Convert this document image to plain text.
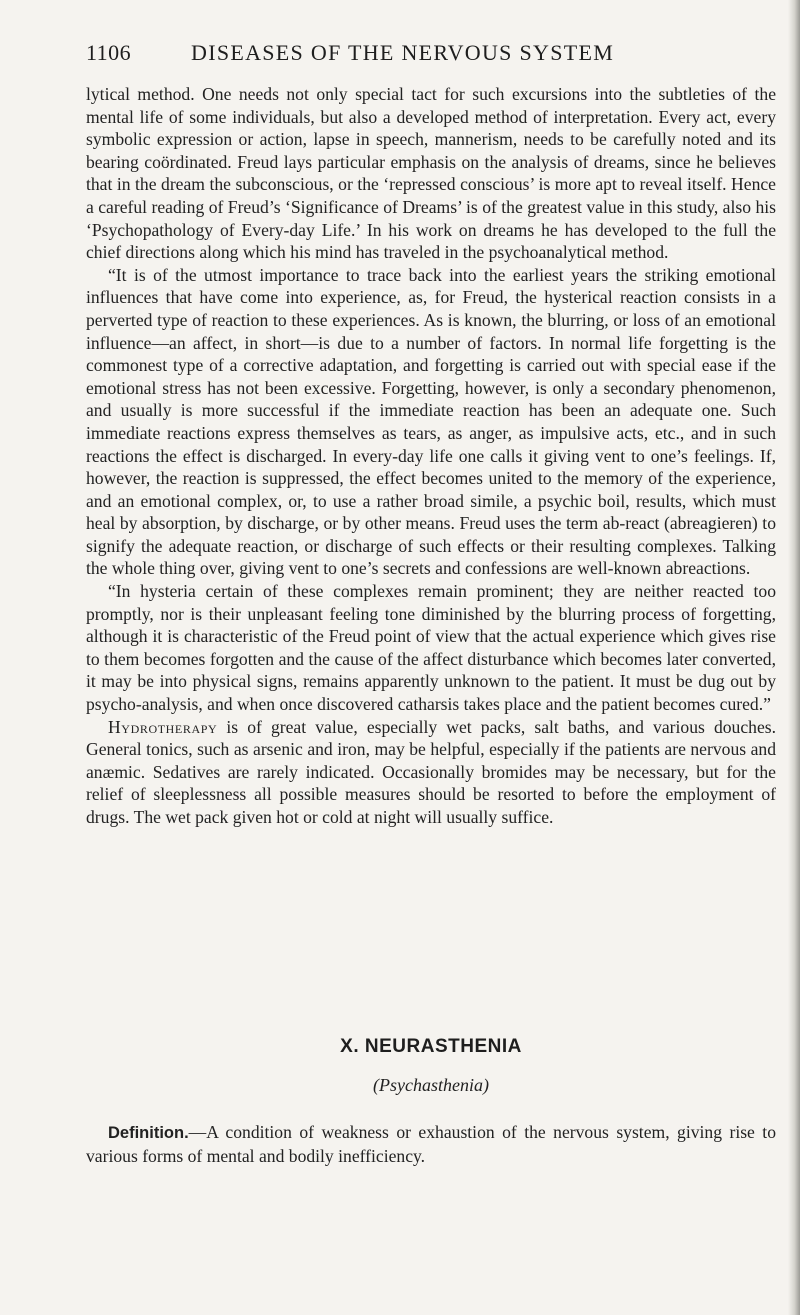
1106	DISEASES OF THE NERVOUS SYSTEM

lytical method. One needs not only special tact for such excursions into the subtleties of the mental life of some individuals, but also a developed method of interpretation. Every act, every symbolic expression or action, lapse in speech, mannerism, needs to be carefully noted and its bearing coördinated. Freud lays particular emphasis on the analysis of dreams, since he believes that in the dream the subconscious, or the ‘repressed conscious’ is more apt to reveal itself. Hence a careful reading of Freud’s ‘Significance of Dreams’ is of the greatest value in this study, also his ‘Psychopathology of Every-day Life.’ In his work on dreams he has developed to the full the chief directions along which his mind has traveled in the psychoanalytical method.

“It is of the utmost importance to trace back into the earliest years the striking emotional influences that have come into experience, as, for Freud, the hysterical reaction consists in a perverted type of reaction to these experiences. As is known, the blurring, or loss of an emotional influence—an affect, in short—is due to a number of factors. In normal life forgetting is the commonest type of a corrective adaptation, and forgetting is carried out with special ease if the emotional stress has not been excessive. Forgetting, however, is only a secondary phenomenon, and usually is more successful if the immediate reaction has been an adequate one. Such immediate reactions express themselves as tears, as anger, as impulsive acts, etc., and in such reactions the effect is discharged. In every-day life one calls it giving vent to one’s feelings. If, however, the reaction is suppressed, the effect becomes united to the memory of the experience, and an emotional complex, or, to use a rather broad simile, a psychic boil, results, which must heal by absorption, by discharge, or by other means. Freud uses the term ab-react (abreagieren) to signify the adequate reaction, or discharge of such effects or their resulting complexes. Talking the whole thing over, giving vent to one’s secrets and confessions are well-known abreactions.

“In hysteria certain of these complexes remain prominent; they are neither reacted too promptly, nor is their unpleasant feeling tone diminished by the blurring process of forgetting, although it is characteristic of the Freud point of view that the actual experience which gives rise to them becomes forgotten and the cause of the affect disturbance which becomes later converted, it may be into physical signs, remains apparently unknown to the patient. It must be dug out by psycho-analysis, and when once discovered catharsis takes place and the patient becomes cured.”

Hydrotherapy is of great value, especially wet packs, salt baths, and various douches. General tonics, such as arsenic and iron, may be helpful, especially if the patients are nervous and anæmic. Sedatives are rarely indicated. Occasionally bromides may be necessary, but for the relief of sleeplessness all possible measures should be resorted to before the employment of drugs. The wet pack given hot or cold at night will usually suffice.

X. NEURASTHENIA
(Psychasthenia)
Definition.—A condition of weakness or exhaustion of the nervous system, giving rise to various forms of mental and bodily inefficiency.
